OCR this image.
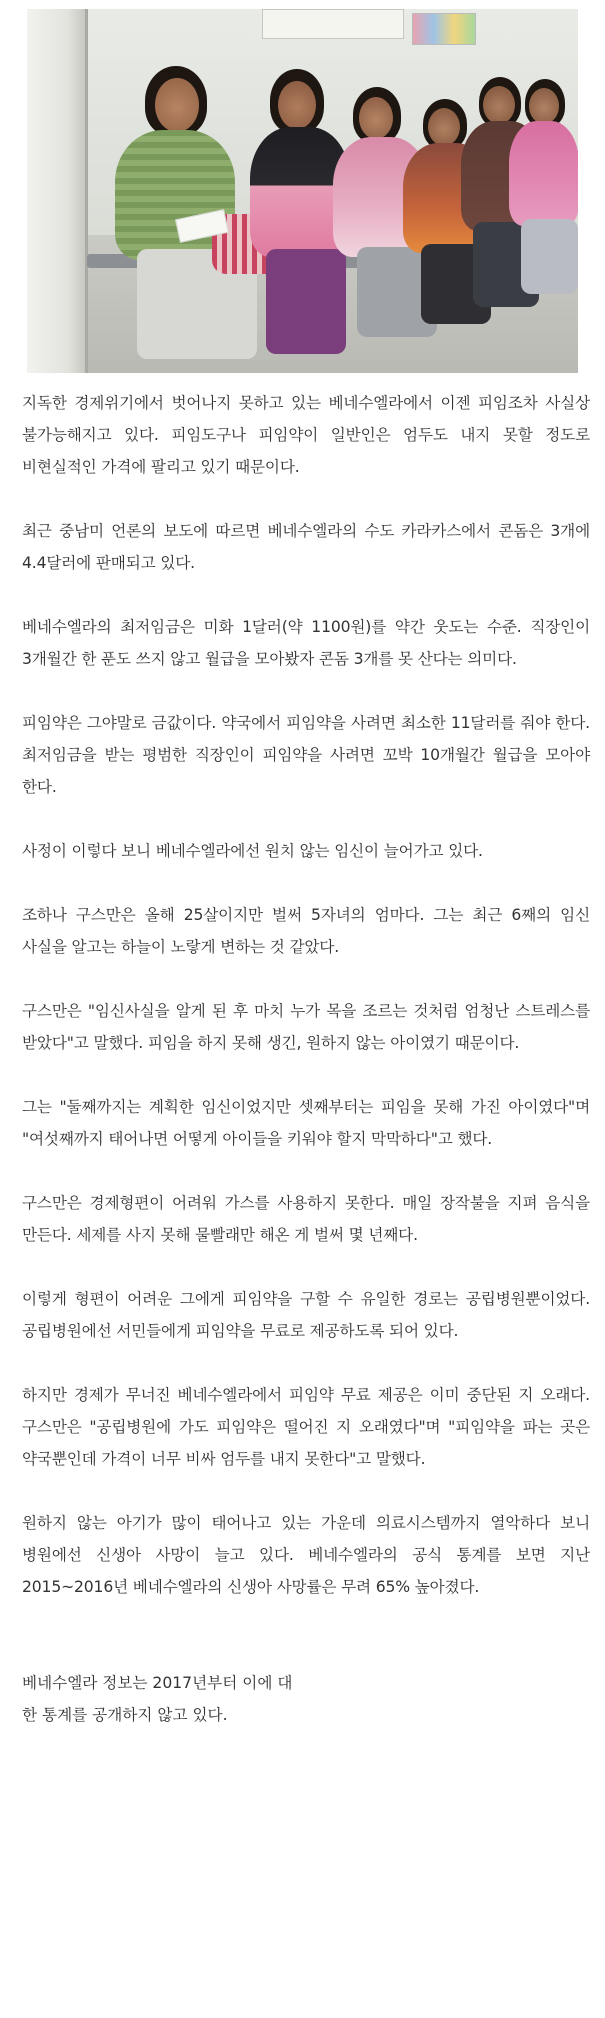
지독한 경제위기에서 벗어나지 못하고 있는 베네수엘라에서 이젠 피임조차 사실상 불가능해지고 있다. 피임도구나 피임약이 일반인은 엄두도 내지 못할 정도로 비현실적인 가격에 팔리고 있기 때문이다.

최근 중남미 언론의 보도에 따르면 베네수엘라의 수도 카라카스에서 콘돔은 3개에 4.4달러에 판매되고 있다.

베네수엘라의 최저임금은 미화 1달러(약 1100원)를 약간 웃도는 수준. 직장인이 3개월간 한 푼도 쓰지 않고 월급을 모아봤자 콘돔 3개를 못 산다는 의미다.

피임약은 그야말로 금값이다. 약국에서 피임약을 사려면 최소한 11달러를 줘야 한다. 최저임금을 받는 평범한 직장인이 피임약을 사려면 꼬박 10개월간 월급을 모아야 한다.

사정이 이렇다 보니 베네수엘라에선 원치 않는 임신이 늘어가고 있다.

조하나 구스만은 올해 25살이지만 벌써 5자녀의 엄마다. 그는 최근 6째의 임신 사실을 알고는 하늘이 노랗게 변하는 것 같았다.

구스만은 "임신사실을 알게 된 후 마치 누가 목을 조르는 것처럼 엄청난 스트레스를 받았다"고 말했다. 피임을 하지 못해 생긴, 원하지 않는 아이였기 때문이다.

그는 "둘째까지는 계획한 임신이었지만 셋째부터는 피임을 못해 가진 아이였다"며 "여섯째까지 태어나면 어떻게 아이들을 키워야 할지 막막하다"고 했다.

구스만은 경제형편이 어려워 가스를 사용하지 못한다. 매일 장작불을 지펴 음식을 만든다. 세제를 사지 못해 물빨래만 해온 게 벌써 몇 년째다.

이렇게 형편이 어려운 그에게 피임약을 구할 수 유일한 경로는 공립병원뿐이었다. 공립병원에선 서민들에게 피임약을 무료로 제공하도록 되어 있다.

하지만 경제가 무너진 베네수엘라에서 피임약 무료 제공은 이미 중단된 지 오래다. 구스만은 "공립병원에 가도 피임약은 떨어진 지 오래였다"며 "피임약을 파는 곳은 약국뿐인데 가격이 너무 비싸 엄두를 내지 못한다"고 말했다.

원하지 않는 아기가 많이 태어나고 있는 가운데 의료시스템까지 열악하다 보니 병원에선 신생아 사망이 늘고 있다. 베네수엘라의 공식 통계를 보면 지난 2015~2016년 베네수엘라의 신생아 사망률은 무려 65% 높아졌다.

베네수엘라 정보는 2017년부터 이에 대
한 통계를 공개하지 않고 있다.
